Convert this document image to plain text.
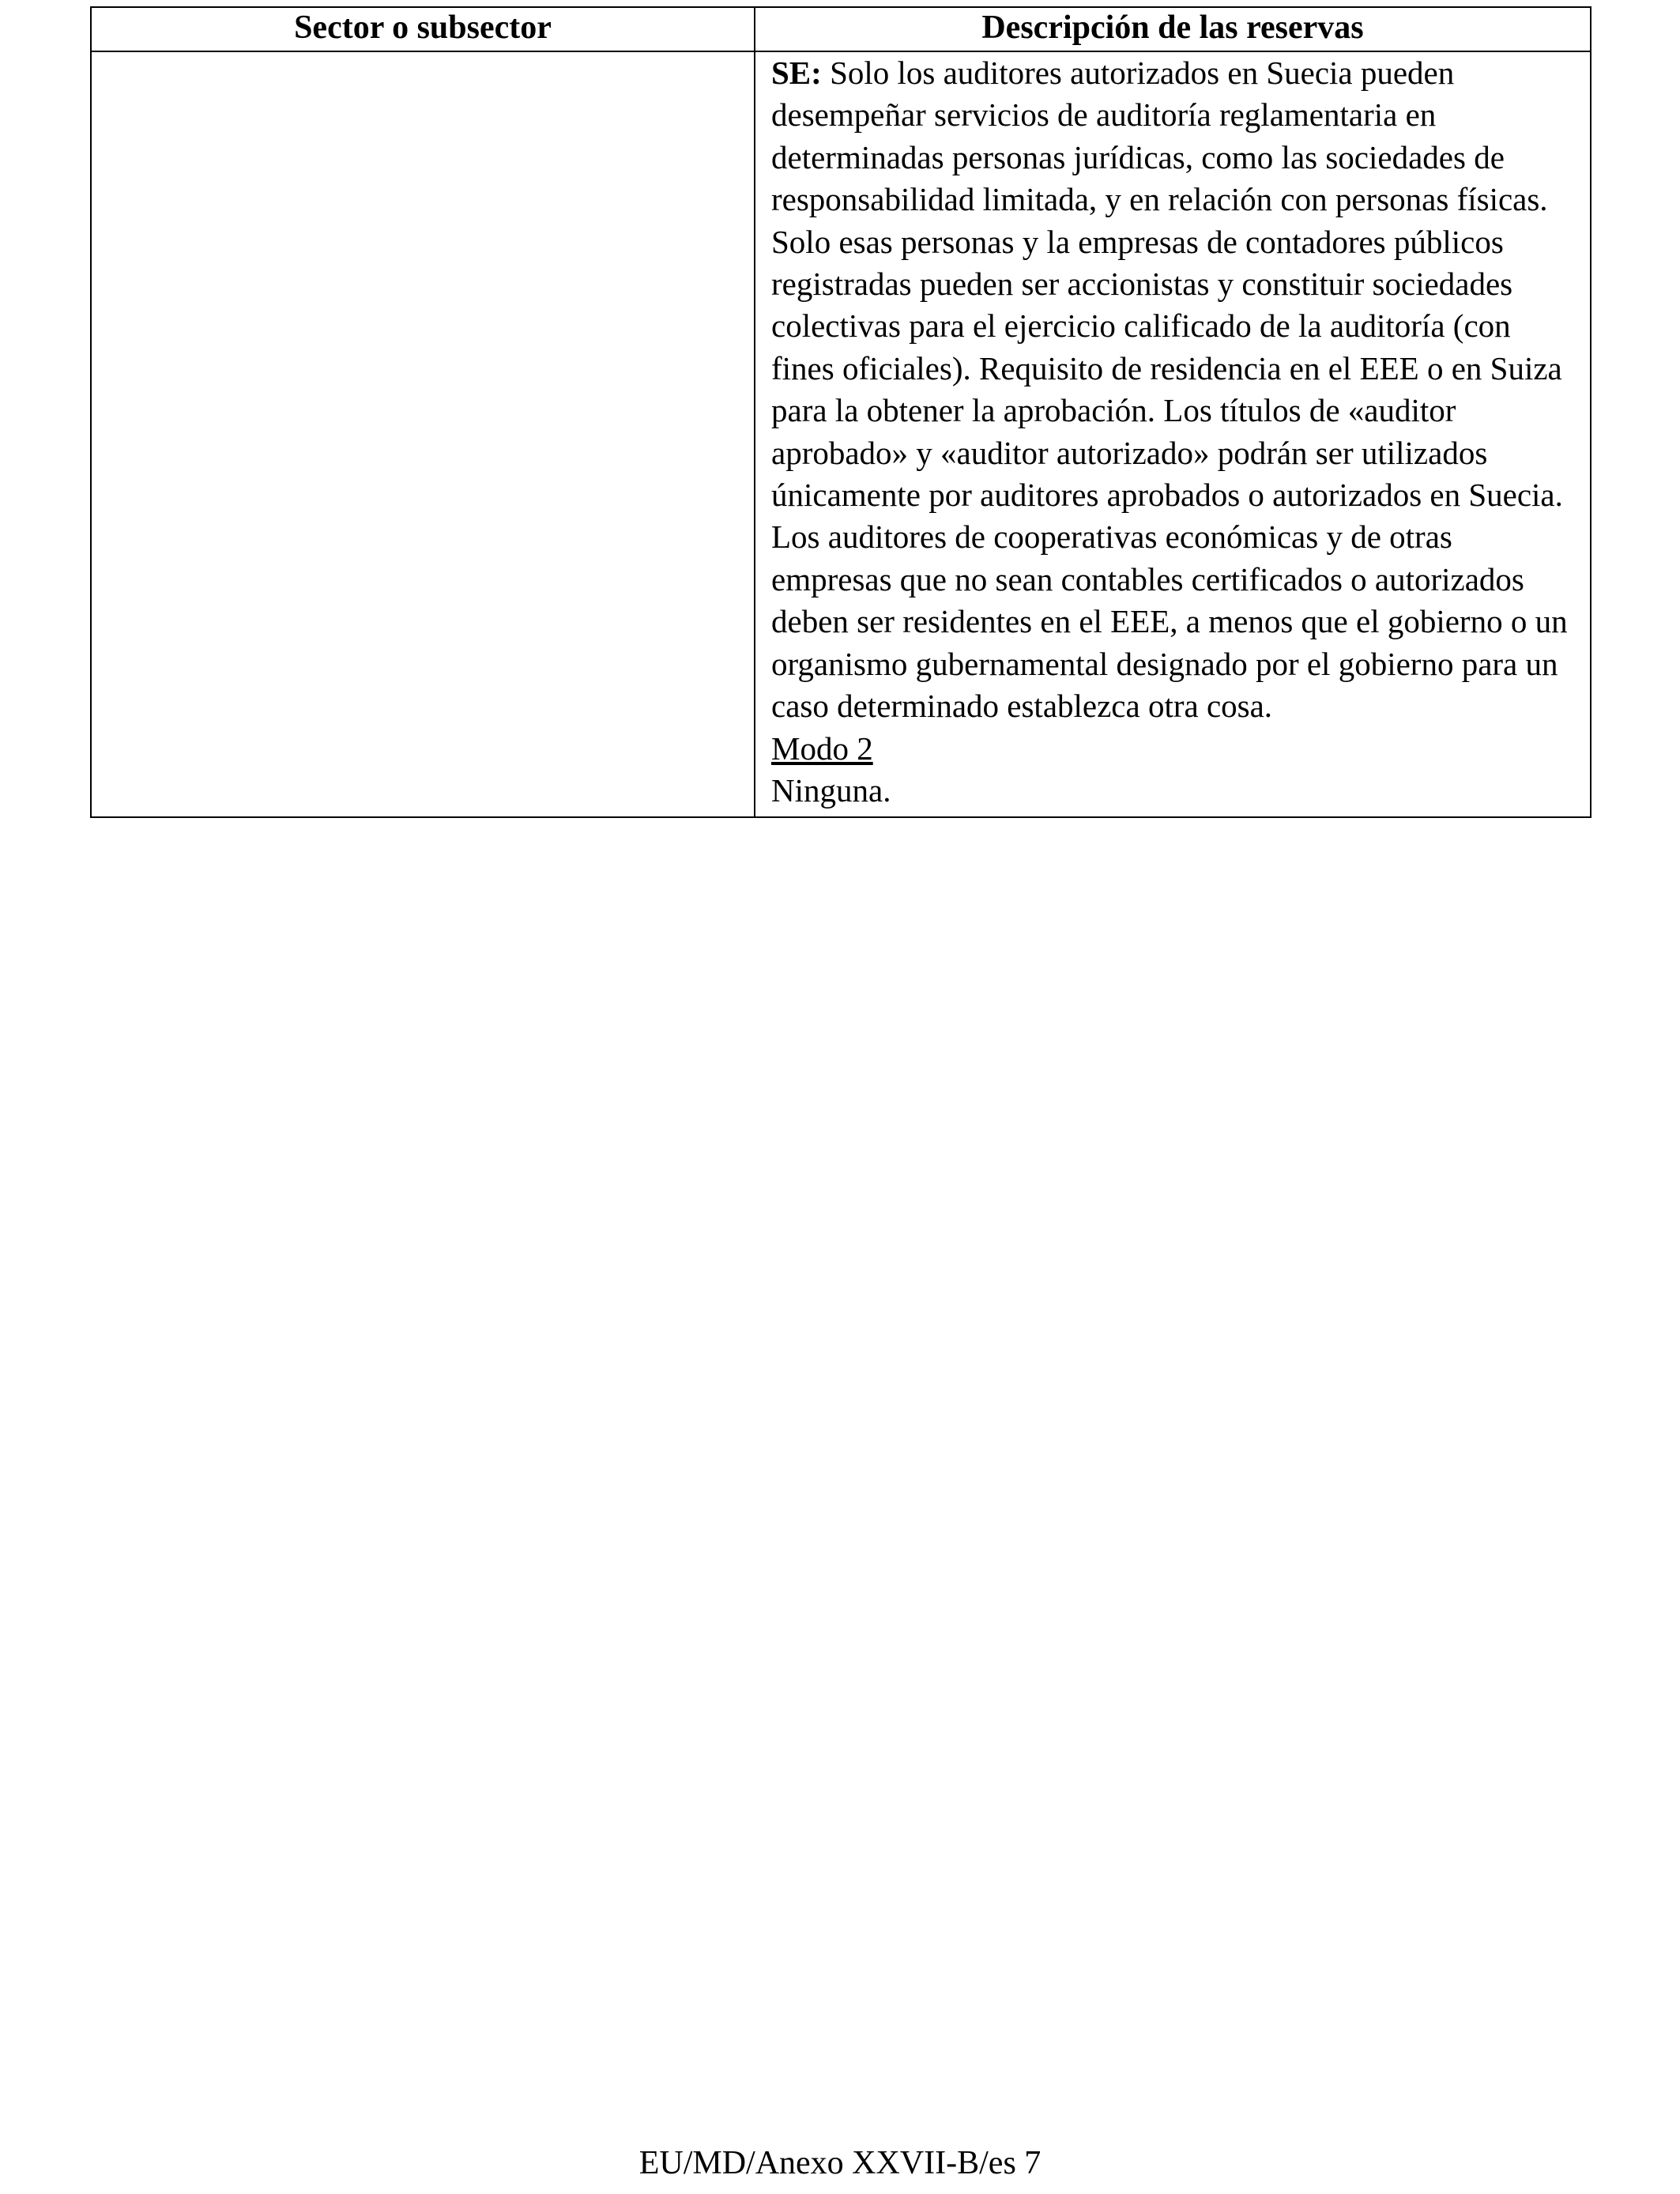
Sector o subsector	Descripción de las reservas

	SE: Solo los auditores autorizados en Suecia pueden desempeñar servicios de auditoría reglamentaria en determinadas personas jurídicas, como las sociedades de responsabilidad limitada, y en relación con personas físicas. Solo esas personas y la empresas de contadores públicos registradas pueden ser accionistas y constituir sociedades colectivas para el ejercicio calificado de la auditoría (con fines oficiales). Requisito de residencia en el EEE o en Suiza para la obtener la aprobación. Los títulos de «auditor aprobado» y «auditor autorizado» podrán ser utilizados únicamente por auditores aprobados o autorizados en Suecia. Los auditores de cooperativas económicas y de otras empresas que no sean contables certificados o autorizados deben ser residentes en el EEE, a menos que el gobierno o un organismo gubernamental designado por el gobierno para un caso determinado establezca otra cosa.

Modo 2

Ninguna.

EU/MD/Anexo XXVII-B/es 7
